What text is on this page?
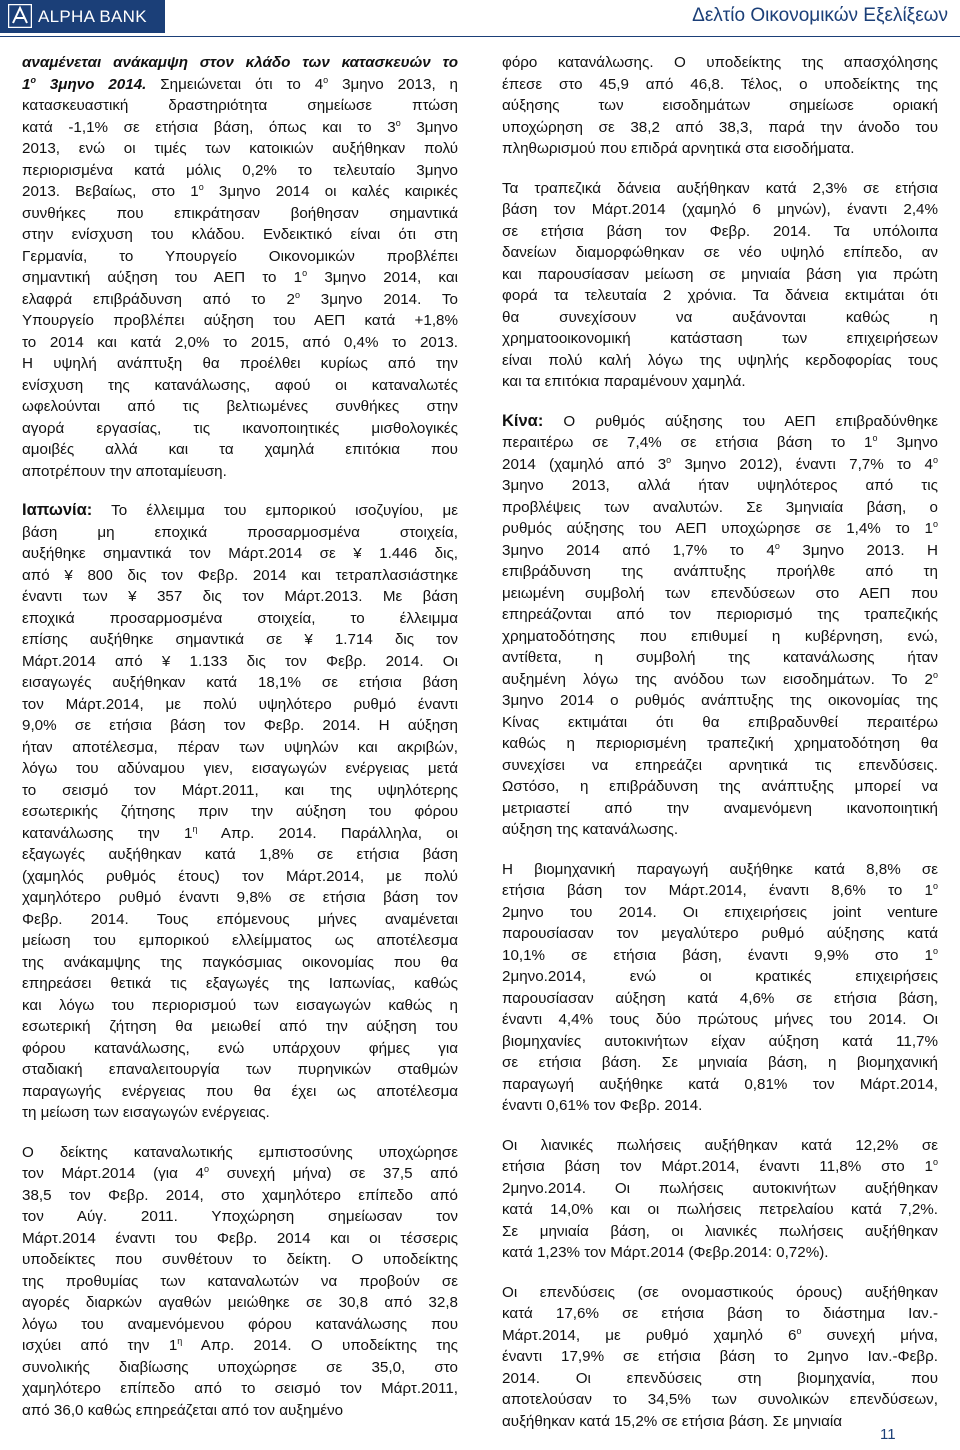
ALPHA BANK	Δελτίο Οικονομικών Εξελίξεων
αναμένεται ανάκαμψη στον κλάδο των κατασκευών το
$1^o$ 3μηνο 2014. Σημειώνεται ότι το $4^o$ 3μηνο 2013, η
κατασκευαστική δραστηριότητα σημείωσε πτώση
κατά -1,1% σε ετήσια βάση, όπως και το $3^o$ 3μηνο
2013, ενώ οι τιμές των κατοικιών αυξήθηκαν πολύ
περιορισμένα κατά μόλις 0,2% το τελευταίο 3μηνο
2013. Βεβαίως, στο $1^o$ 3μηνο 2014 οι καλές καιρικές
συνθήκες που επικράτησαν βοήθησαν σημαντικά
στην ενίσχυση του κλάδου. Ενδεικτικό είναι ότι στη
Γερμανία, το Υπουργείο Οικονομικών προβλέπει
σημαντική αύξηση του ΑΕΠ το $1^o$ 3μηνο 2014, και
ελαφρά επιβράδυνση από το $2^o$ 3μηνο 2014. Το
Υπουργείο προβλέπει αύξηση του ΑΕΠ κατά +1,8%
το 2014 και κατά 2,0% το 2015, από 0,4% το 2013.
Η υψηλή ανάπτυξη θα προέλθει κυρίως από την
ενίσχυση της κατανάλωσης, αφού οι καταναλωτές
ωφελούνται από τις βελτιωμένες συνθήκες στην
αγορά εργασίας, τις ικανοποιητικές μισθολογικές
αμοιβές αλλά και τα χαμηλά επιτόκια που
αποτρέπουν την αποταμίευση.
Ιαπωνία: Το έλλειμμα του εμπορικού ισοζυγίου, με
βάση μη εποχικά προσαρμοσμένα στοιχεία,
αυξήθηκε σημαντικά τον Μάρτ.2014 σε ¥ 1.446 δις,
από ¥ 800 δις τον Φεβρ. 2014 και τετραπλασιάστηκε
έναντι των ¥ 357 δις τον Μάρτ.2013. Με βάση
εποχικά προσαρμοσμένα στοιχεία, το έλλειμμα
επίσης αυξήθηκε σημαντικά σε ¥ 1.714 δις τον
Μάρτ.2014 από ¥ 1.133 δις τον Φεβρ. 2014. Οι
εισαγωγές αυξήθηκαν κατά 18,1% σε ετήσια βάση
τον Μάρτ.2014, με πολύ υψηλότερο ρυθμό έναντι
9,0% σε ετήσια βάση τον Φεβρ. 2014. Η αύξηση
ήταν αποτέλεσμα, πέραν των υψηλών και ακριβών,
λόγω του αδύναμου γιεν, εισαγωγών ενέργειας μετά
το σεισμό τον Μάρτ.2011, και της υψηλότερης
εσωτερικής ζήτησης πριν την αύξηση του φόρου
κατανάλωσης την $1^\eta$ Απρ. 2014. Παράλληλα, οι
εξαγωγές αυξήθηκαν κατά 1,8% σε ετήσια βάση
(χαμηλός ρυθμός έτους) τον Μάρτ.2014, με πολύ
χαμηλότερο ρυθμό έναντι 9,8% σε ετήσια βάση τον
Φεβρ. 2014. Τους επόμενους μήνες αναμένεται
μείωση του εμπορικού ελλείμματος ως αποτέλεσμα
της ανάκαμψης της παγκόσμιας οικονομίας που θα
επηρεάσει θετικά τις εξαγωγές της Ιαπωνίας, καθώς
και λόγω του περιορισμού των εισαγωγών καθώς η
εσωτερική ζήτηση θα μειωθεί από την αύξηση του
φόρου κατανάλωσης, ενώ υπάρχουν φήμες για
σταδιακή επαναλειτουργία των πυρηνικών σταθμών
παραγωγής ενέργειας που θα έχει ως αποτέλεσμα
τη μείωση των εισαγωγών ενέργειας.
Ο δείκτης καταναλωτικής εμπιστοσύνης υποχώρησε
τον Μάρτ.2014 (για $4^o$ συνεχή μήνα) σε 37,5 από
38,5 τον Φεβρ. 2014, στο χαμηλότερο επίπεδο από
τον Αύγ. 2011. Υποχώρηση σημείωσαν τον
Μάρτ.2014 έναντι του Φεβρ. 2014 και οι τέσσερις
υποδείκτες που συνθέτουν το δείκτη. Ο υποδείκτης
της προθυμίας των καταναλωτών να προβούν σε
αγορές διαρκών αγαθών μειώθηκε σε 30,8 από 32,8
λόγω του αναμενόμενου φόρου κατανάλωσης που
ισχύει από την $1^\eta$ Απρ. 2014. Ο υποδείκτης της
συνολικής διαβίωσης υποχώρησε σε 35,0, στο
χαμηλότερο επίπεδο από το σεισμό τον Μάρτ.2011,
από 36,0 καθώς επηρεάζεται από τον αυξημένο
φόρο κατανάλωσης. Ο υποδείκτης της απασχόλησης
έπεσε στο 45,9 από 46,8. Τέλος, ο υποδείκτης της
αύξησης των εισοδημάτων σημείωσε οριακή
υποχώρηση σε 38,2 από 38,3, παρά την άνοδο του
πληθωρισμού που επιδρά αρνητικά στα εισοδήματα.
Τα τραπεζικά δάνεια αυξήθηκαν κατά 2,3% σε ετήσια
βάση τον Μάρτ.2014 (χαμηλό 6 μηνών), έναντι 2,4%
σε ετήσια βάση τον Φεβρ. 2014. Τα υπόλοιπα
δανείων διαμορφώθηκαν σε νέο υψηλό επίπεδο, αν
και παρουσίασαν μείωση σε μηνιαία βάση για πρώτη
φορά τα τελευταία 2 χρόνια. Τα δάνεια εκτιμάται ότι
θα συνεχίσουν να αυξάνονται καθώς η
χρηματοοικονομική κατάσταση των επιχειρήσεων
είναι πολύ καλή λόγω της υψηλής κερδοφορίας τους
και τα επιτόκια παραμένουν χαμηλά.
Κίνα: Ο ρυθμός αύξησης του ΑΕΠ επιβραδύνθηκε
περαιτέρω σε 7,4% σε ετήσια βάση το $1^o$ 3μηνο
2014 (χαμηλό από $3^o$ 3μηνο 2012), έναντι 7,7% το $4^o$
3μηνο 2013, αλλά ήταν υψηλότερος από τις
προβλέψεις των αναλυτών. Σε 3μηνιαία βάση, ο
ρυθμός αύξησης του ΑΕΠ υποχώρησε σε 1,4% το $1^o$
3μηνο 2014 από 1,7% το $4^o$ 3μηνο 2013. Η
επιβράδυνση της ανάπτυξης προήλθε από τη
μειωμένη συμβολή των επενδύσεων στο ΑΕΠ που
επηρεάζονται από τον περιορισμό της τραπεζικής
χρηματοδότησης που επιθυμεί η κυβέρνηση, ενώ,
αντίθετα, η συμβολή της κατανάλωσης ήταν
αυξημένη λόγω της ανόδου των εισοδημάτων. Το $2^o$
3μηνο 2014 ο ρυθμός ανάπτυξης της οικονομίας της
Κίνας εκτιμάται ότι θα επιβραδυνθεί περαιτέρω
καθώς η περιορισμένη τραπεζική χρηματοδότηση θα
συνεχίσει να επηρεάζει αρνητικά τις επενδύσεις.
Ωστόσο, η επιβράδυνση της ανάπτυξης μπορεί να
μετριαστεί από την αναμενόμενη ικανοποιητική
αύξηση της κατανάλωσης.
Η βιομηχανική παραγωγή αυξήθηκε κατά 8,8% σε
ετήσια βάση τον Μάρτ.2014, έναντι 8,6% το $1^o$
2μηνο του 2014. Οι επιχειρήσεις joint venture
παρουσίασαν τον μεγαλύτερο ρυθμό αύξησης κατά
10,1% σε ετήσια βάση, έναντι 9,9% στο $1^o$
2μηνο.2014, ενώ οι κρατικές επιχειρήσεις
παρουσίασαν αύξηση κατά 4,6% σε ετήσια βάση,
έναντι 4,4% τους δύο πρώτους μήνες του 2014. Οι
βιομηχανίες αυτοκινήτων είχαν αύξηση κατά 11,7%
σε ετήσια βάση. Σε μηνιαία βάση, η βιομηχανική
παραγωγή αυξήθηκε κατά 0,81% τον Μάρτ.2014,
έναντι 0,61% τον Φεβρ. 2014.
Οι λιανικές πωλήσεις αυξήθηκαν κατά 12,2% σε
ετήσια βάση τον Μάρτ.2014, έναντι 11,8% στο $1^o$
2μηνο.2014. Οι πωλήσεις αυτοκινήτων αυξήθηκαν
κατά 14,0% και οι πωλήσεις πετρελαίου κατά 7,2%.
Σε μηνιαία βάση, οι λιανικές πωλήσεις αυξήθηκαν
κατά 1,23% τον Μάρτ.2014 (Φεβρ.2014: 0,72%).
Οι επενδύσεις (σε ονομαστικούς όρους) αυξήθηκαν
κατά 17,6% σε ετήσια βάση το διάστημα Ιαν.-
Μάρτ.2014, με ρυθμό χαμηλό $6^o$ συνεχή μήνα,
έναντι 17,9% σε ετήσια βάση το 2μηνο Ιαν.-Φεβρ.
2014. Οι επενδύσεις στη βιομηχανία, που
αποτελούσαν το 34,5% των συνολικών επενδύσεων,
αυξήθηκαν κατά 15,2% σε ετήσια βάση. Σε μηνιαία
11
